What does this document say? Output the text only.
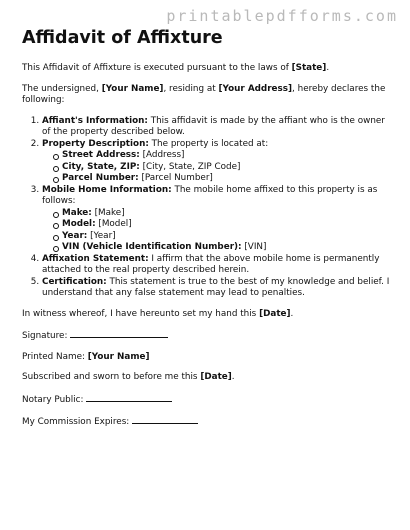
printablepdfforms.com
Affidavit of Affixture

This Affidavit of Affixture is executed pursuant to the laws of [State].

The undersigned, [Your Name], residing at [Your Address], hereby declares the following:

1. Affiant's Information: This affidavit is made by the affiant who is the owner of the property described below.
2. Property Description: The property is located at:
Street Address: [Address]
City, State, ZIP: [City, State, ZIP Code]
Parcel Number: [Parcel Number]
3. Mobile Home Information: The mobile home affixed to this property is as follows:
Make: [Make]
Model: [Model]
Year: [Year]
VIN (Vehicle Identification Number): [VIN]
4. Affixation Statement: I affirm that the above mobile home is permanently attached to the real property described herein.
5. Certification: This statement is true to the best of my knowledge and belief. I understand that any false statement may lead to penalties.

In witness whereof, I have hereunto set my hand this [Date].

Signature:

Printed Name: [Your Name]

Subscribed and sworn to before me this [Date].

Notary Public:

My Commission Expires:
